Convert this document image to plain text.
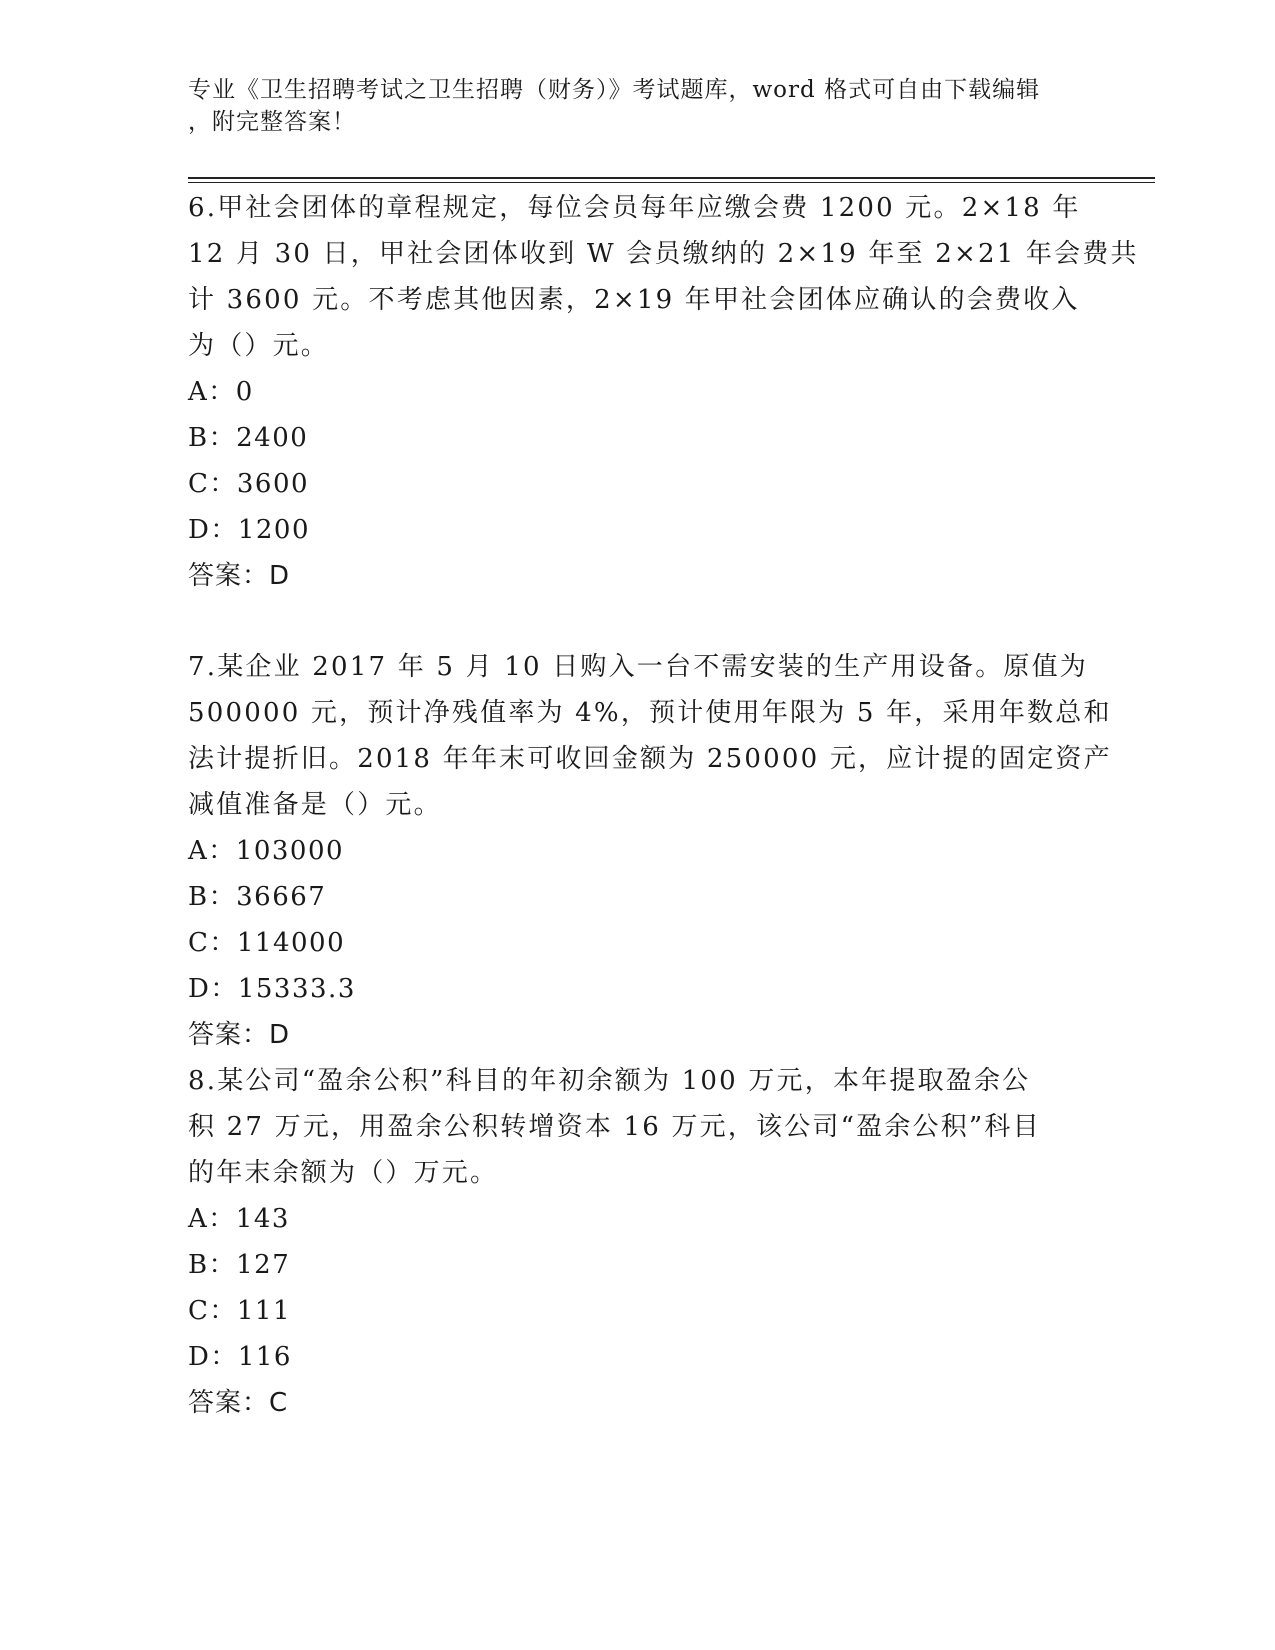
专业《卫生招聘考试之卫生招聘（财务）》考试题库，word 格式可自由下载编辑
，附完整答案！
6.甲社会团体的章程规定，每位会员每年应缴会费 1200 元。2×18 年
12 月 30 日，甲社会团体收到 W 会员缴纳的 2×19 年至 2×21 年会费共
计 3600 元。不考虑其他因素，2×19 年甲社会团体应确认的会费收入
为（）元。
A：0
B：2400
C：3600
D：1200
答案：D
7.某企业 2017 年 5 月 10 日购入一台不需安装的生产用设备。原值为
500000 元，预计净残值率为 4%，预计使用年限为 5 年，采用年数总和
法计提折旧。2018 年年末可收回金额为 250000 元，应计提的固定资产
减值准备是（）元。
A：103000
B：36667
C：114000
D：15333.3
答案：D
8.某公司“盈余公积”科目的年初余额为 100 万元，本年提取盈余公
积 27 万元，用盈余公积转增资本 16 万元，该公司“盈余公积”科目
的年末余额为（）万元。
A：143
B：127
C：111
D：116
答案：C
